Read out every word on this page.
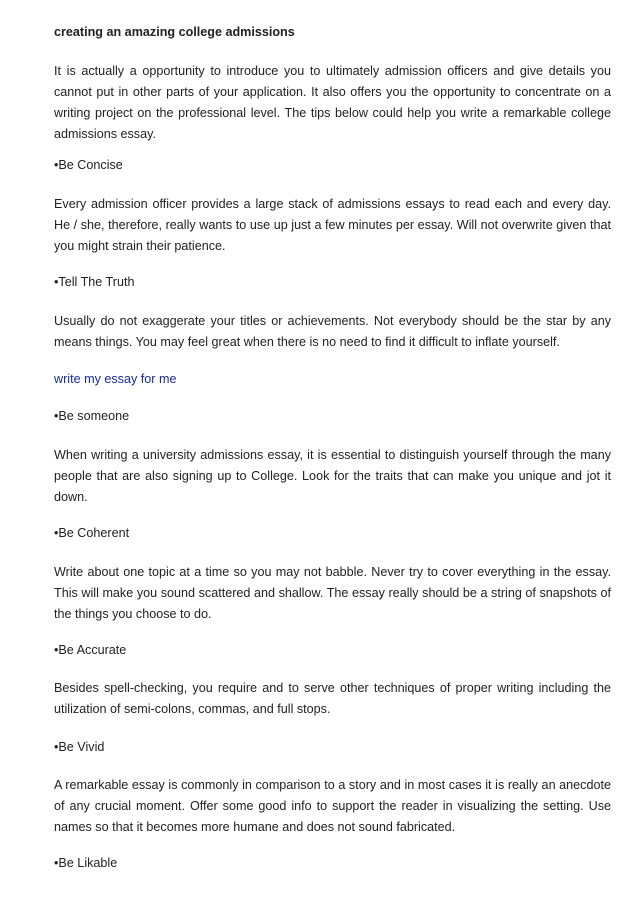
creating an amazing college admissions

It is actually a opportunity to introduce you to ultimately admission officers and give details you cannot put in other parts of your application. It also offers you the opportunity to concentrate on a writing project on the professional level. The tips below could help you write a remarkable college admissions essay.

•Be Concise

Every admission officer provides a large stack of admissions essays to read each and every day. He / she, therefore, really wants to use up just a few minutes per essay. Will not overwrite given that you might strain their patience.

•Tell The Truth

Usually do not exaggerate your titles or achievements. Not everybody should be the star by any means things. You may feel great when there is no need to find it difficult to inflate yourself.

write my essay for me

•Be someone

When writing a university admissions essay, it is essential to distinguish yourself through the many people that are also signing up to College. Look for the traits that can make you unique and jot it down.

•Be Coherent

Write about one topic at a time so you may not babble. Never try to cover everything in the essay. This will make you sound scattered and shallow. The essay really should be a string of snapshots of the things you choose to do.

•Be Accurate

Besides spell-checking, you require and to serve other techniques of proper writing including the utilization of semi-colons, commas, and full stops.

•Be Vivid

A remarkable essay is commonly in comparison to a story and in most cases it is really an anecdote of any crucial moment. Offer some good info to support the reader in visualizing the setting. Use names so that it becomes more humane and does not sound fabricated.

•Be Likable
